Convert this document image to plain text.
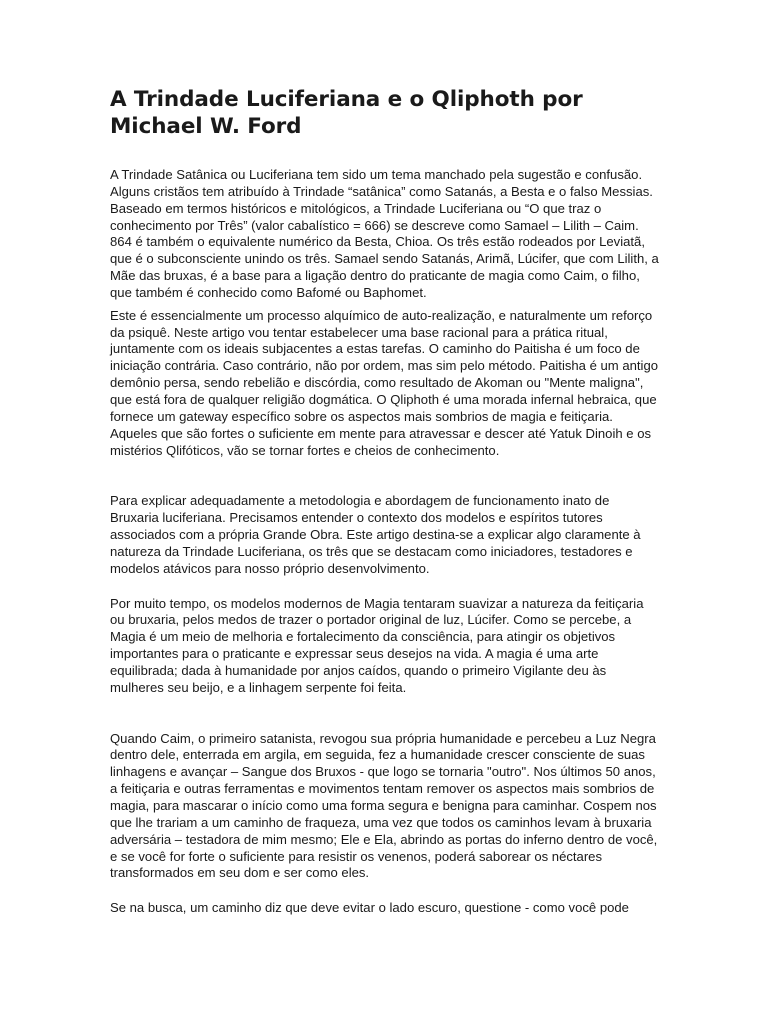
A Trindade Luciferiana e o Qliphoth por Michael W. Ford

A Trindade Satânica ou Luciferiana tem sido um tema manchado pela sugestão e confusão. Alguns cristãos tem atribuído à Trindade “satânica” como Satanás, a Besta e o falso Messias. Baseado em termos históricos e mitológicos, a Trindade Luciferiana ou “O que traz o conhecimento por Três” (valor cabalístico = 666) se descreve como Samael – Lilith – Caim. 864 é também o equivalente numérico da Besta, Chioa. Os três estão rodeados por Leviatã, que é o subconsciente unindo os três. Samael sendo Satanás, Arimã, Lúcifer, que com Lilith, a Mãe das bruxas, é a base para a ligação dentro do praticante de magia como Caim, o filho, que também é conhecido como Bafomé ou Baphomet.

Este é essencialmente um processo alquímico de auto-realização, e naturalmente um reforço da psiquê. Neste artigo vou tentar estabelecer uma base racional para a prática ritual, juntamente com os ideais subjacentes a estas tarefas. O caminho do Paitisha é um foco de iniciação contrária. Caso contrário, não por ordem, mas sim pelo método. Paitisha é um antigo demônio persa, sendo rebelião e discórdia, como resultado de Akoman ou "Mente maligna", que está fora de qualquer religião dogmática. O Qliphoth é uma morada infernal hebraica, que fornece um gateway específico sobre os aspectos mais sombrios de magia e feitiçaria. Aqueles que são fortes o suficiente em mente para atravessar e descer até Yatuk Dinoih e os mistérios Qlifóticos, vão se tornar fortes e cheios de conhecimento.

Para explicar adequadamente a metodologia e abordagem de funcionamento inato de Bruxaria luciferiana. Precisamos entender o contexto dos modelos e espíritos tutores associados com a própria Grande Obra. Este artigo destina-se a explicar algo claramente à natureza da Trindade Luciferiana, os três que se destacam como iniciadores, testadores e modelos atávicos para nosso próprio desenvolvimento.

Por muito tempo, os modelos modernos de Magia tentaram suavizar a natureza da feitiçaria ou bruxaria, pelos medos de trazer o portador original de luz, Lúcifer. Como se percebe, a Magia é um meio de melhoria e fortalecimento da consciência, para atingir os objetivos importantes para o praticante e expressar seus desejos na vida. A magia é uma arte equilibrada; dada à humanidade por anjos caídos, quando o primeiro Vigilante deu às mulheres seu beijo, e a linhagem serpente foi feita.

Quando Caim, o primeiro satanista, revogou sua própria humanidade e percebeu a Luz Negra dentro dele, enterrada em argila, em seguida, fez a humanidade crescer consciente de suas linhagens e avançar – Sangue dos Bruxos - que logo se tornaria "outro". Nos últimos 50 anos, a feitiçaria e outras ferramentas e movimentos tentam remover os aspectos mais sombrios de magia, para mascarar o início como uma forma segura e benigna para caminhar. Cospem nos que lhe trariam a um caminho de fraqueza, uma vez que todos os caminhos levam à bruxaria adversária – testadora de mim mesmo; Ele e Ela, abrindo as portas do inferno dentro de você, e se você for forte o suficiente para resistir os venenos, poderá saborear os néctares transformados em seu dom e ser como eles.

Se na busca, um caminho diz que deve evitar o lado escuro, questione - como você pode
